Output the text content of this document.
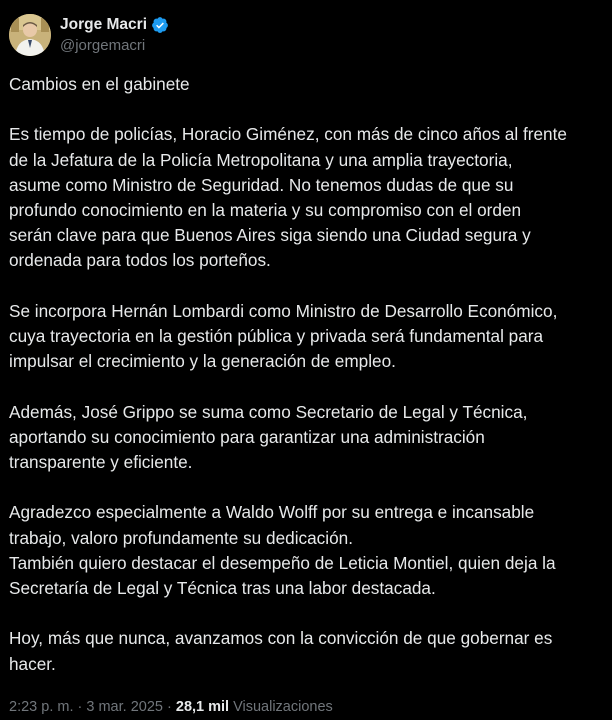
Jorge Macri
@jorgemacri

Cambios en el gabinete

Es tiempo de policías, Horacio Giménez, con más de cinco años al frente
de la Jefatura de la Policía Metropolitana y una amplia trayectoria,
asume como Ministro de Seguridad. No tenemos dudas de que su
profundo conocimiento en la materia y su compromiso con el orden
serán clave para que Buenos Aires siga siendo una Ciudad segura y
ordenada para todos los porteños.

Se incorpora Hernán Lombardi como Ministro de Desarrollo Económico,
cuya trayectoria en la gestión pública y privada será fundamental para
impulsar el crecimiento y la generación de empleo.

Además, José Grippo se suma como Secretario de Legal y Técnica,
aportando su conocimiento para garantizar una administración
transparente y eficiente.

Agradezco especialmente a Waldo Wolff por su entrega e incansable
trabajo, valoro profundamente su dedicación.
También quiero destacar el desempeño de Leticia Montiel, quien deja la
Secretaría de Legal y Técnica tras una labor destacada.

Hoy, más que nunca, avanzamos con la convicción de que gobernar es
hacer.

2:23 p. m. · 3 mar. 2025 · 28,1 mil Visualizaciones
